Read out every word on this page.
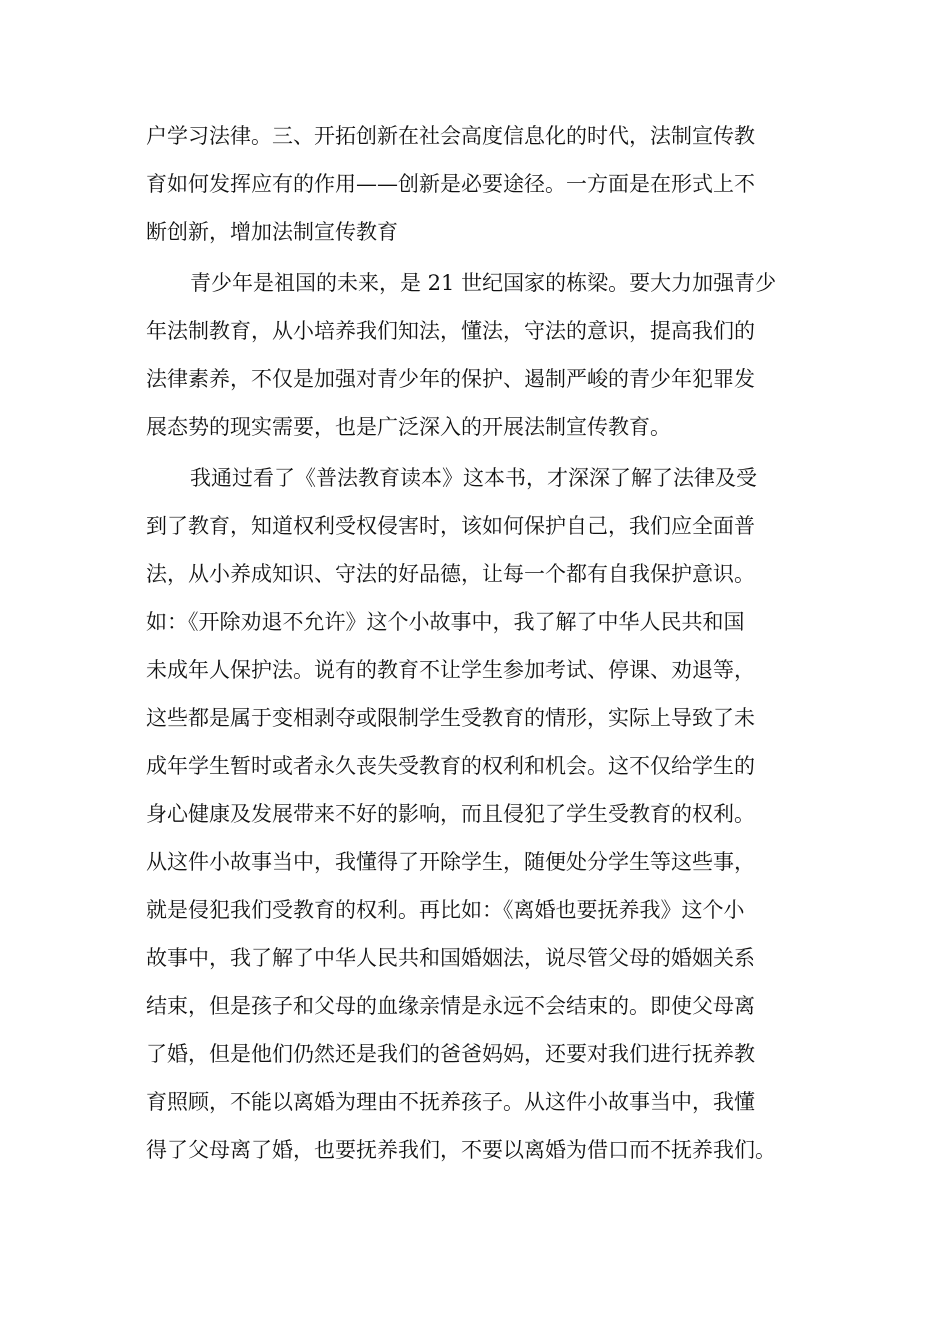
户学习法律。三、开拓创新在社会高度信息化的时代，法制宣传教
育如何发挥应有的作用——创新是必要途径。一方面是在形式上不
断创新，增加法制宣传教育
青少年是祖国的未来，是 21 世纪国家的栋梁。要大力加强青少
年法制教育，从小培养我们知法，懂法，守法的意识，提高我们的
法律素养，不仅是加强对青少年的保护、遏制严峻的青少年犯罪发
展态势的现实需要，也是广泛深入的开展法制宣传教育。
我通过看了《普法教育读本》这本书，才深深了解了法律及受
到了教育，知道权利受权侵害时，该如何保护自己，我们应全面普
法，从小养成知识、守法的好品德，让每一个都有自我保护意识。
如：《开除劝退不允许》这个小故事中，我了解了中华人民共和国
未成年人保护法。说有的教育不让学生参加考试、停课、劝退等，
这些都是属于变相剥夺或限制学生受教育的情形，实际上导致了未
成年学生暂时或者永久丧失受教育的权利和机会。这不仅给学生的
身心健康及发展带来不好的影响，而且侵犯了学生受教育的权利。
从这件小故事当中，我懂得了开除学生，随便处分学生等这些事，
就是侵犯我们受教育的权利。再比如：《离婚也要抚养我》这个小
故事中，我了解了中华人民共和国婚姻法，说尽管父母的婚姻关系
结束，但是孩子和父母的血缘亲情是永远不会结束的。即使父母离
了婚，但是他们仍然还是我们的爸爸妈妈，还要对我们进行抚养教
育照顾，不能以离婚为理由不抚养孩子。从这件小故事当中，我懂
得了父母离了婚，也要抚养我们，不要以离婚为借口而不抚养我们。
